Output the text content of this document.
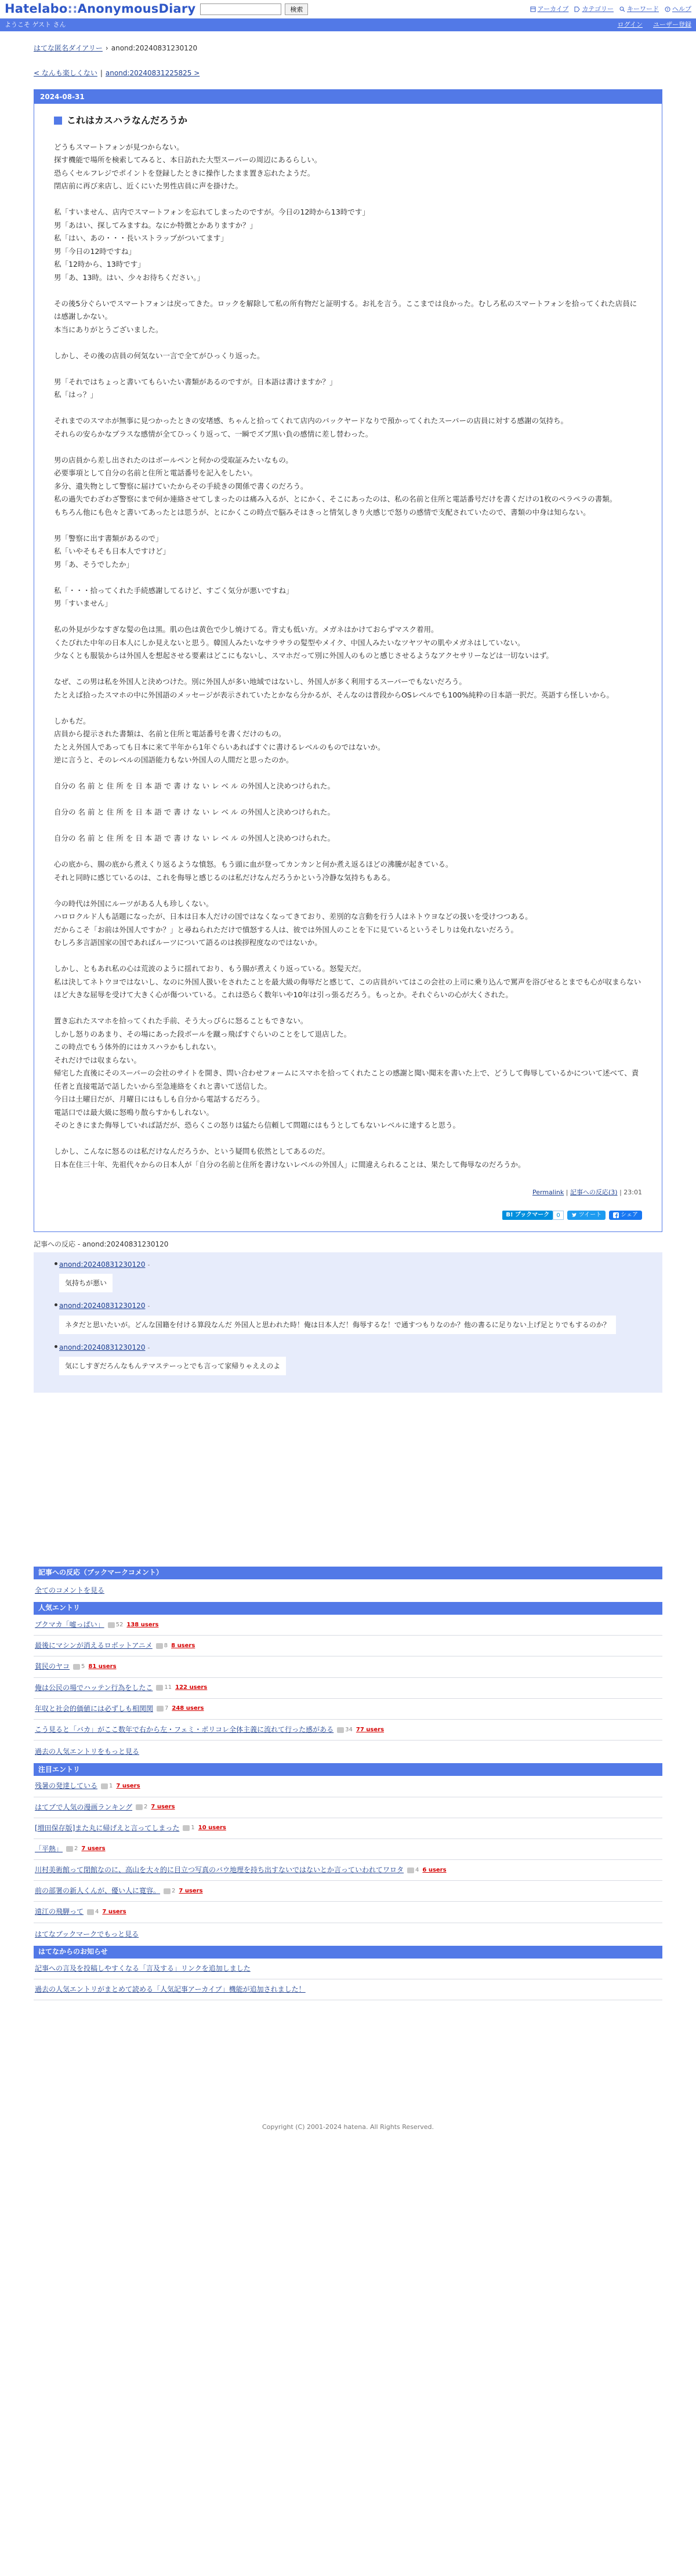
Hatelabo::AnonymousDiary	検索	アーカイブ カテゴリー キーワード ? ヘルプ
ようこそ ゲスト さん	ログイン ユーザー登録
はてな匿名ダイアリー › anond:20240831230120
< なんも楽しくない | anond:20240831225825 >
2024-08-31
これはカスハラなんだろうか

どうもスマートフォンが見つからない。

探す機能で場所を検索してみると、本日訪れた大型スーパーの周辺にあるらしい。

恐らくセルフレジでポイントを登録したときに操作したまま置き忘れたようだ。

閉店前に再び来店し、近くにいた男性店員に声を掛けた。

私「すいません、店内でスマートフォンを忘れてしまったのですが。今日の12時から13時です」

男「あはい、探してみますね。なにか特徴とかありますか？」

私「はい、あの・・・長いストラップがついてます」

男「今日の12時ですね」

私「12時から、13時です」

男「あ、13時。はい、少々お待ちください。」

その後5分ぐらいでスマートフォンは戻ってきた。ロックを解除して私の所有物だと証明する。お礼を言う。ここまでは良かった。むしろ私のスマートフォンを拾ってくれた店員には感謝しかない。

本当にありがとうございました。

しかし、その後の店員の何気ない一言で全てがひっくり返った。

男「それではちょっと書いてもらいたい書類があるのですが。日本語は書けますか？」

私「はっ？」

それまでのスマホが無事に見つかったときの安堵感、ちゃんと拾ってくれて店内のバックヤードなりで預かってくれたスーパーの店員に対する感謝の気持ち。

それらの安らかなプラスな感情が全てひっくり返って、一瞬でズブ黒い負の感情に差し替わった。

男の店員から差し出されたのはボールペンと何かの受取証みたいなもの。

必要事項として自分の名前と住所と電話番号を記入をしたい。

多分、遺失物として警察に届けていたからその手続きの関係で書くのだろう。

私の過失でわざわざ警察にまで何か連絡させてしまったのは痛み入るが、とにかく、そこにあったのは、私の名前と住所と電話番号だけを書くだけの1枚のペラペラの書類。

もちろん他にも色々と書いてあったとは思うが、とにかくこの時点で脳みそはきっと情気しきり火感じで怒りの感情で支配されていたので、書類の中身は知らない。

男「警察に出す書類があるので」

私「いやそもそも日本人ですけど」

男「あ、そうでしたか」

私「・・・拾ってくれた手続感謝してるけど、すごく気分が悪いですね」

男「すいません」

私の外見が少なすぎな髪の色は黒。肌の色は黄色で少し焼けてる。背丈も低い方。メガネはかけておらずマスク着用。

くたびれた中年の日本人にしか見えないと思う。韓国人みたいなサラサラの髪型やメイク、中国人みたいなツヤツヤの肌やメガネはしていない。

少なくとも服装からは外国人を想起させる要素はどこにもないし、スマホだって別に外国人のものと感じさせるようなアクセサリーなどは一切ないはず。

なぜ、この男は私を外国人と決めつけた。別に外国人が多い地域ではないし、外国人が多く利用するスーパーでもないだろう。

たとえば拾ったスマホの中に外国語のメッセージが表示されていたとかなら分かるが、そんなのは普段からOSレベルでも100%純粋の日本語一択だ。英語すら怪しいから。

しかもだ。

店員から提示された書類は、名前と住所と電話番号を書くだけのもの。

たとえ外国人であっても日本に来て半年から1年ぐらいあればすぐに書けるレベルのものではないか。

逆に言うと、そのレベルの国語能力もない外国人の人間だと思ったのか。

自分の 名 前 と 住 所 を 日 本 語 で 書 け な い レ ベ ル の外国人と決めつけられた。

自分の 名 前 と 住 所 を 日 本 語 で 書 け な い レ ベ ル の外国人と決めつけられた。

自分の 名 前 と 住 所 を 日 本 語 で 書 け な い レ ベ ル の外国人と決めつけられた。

心の底から、腸の底から煮えくり返るような憤怒。もう頭に血が登ってカンカンと何か煮え返るほどの沸騰が起きている。

それと同時に感じているのは、これを侮辱と感じるのは私だけなんだろうかという冷静な気持ちもある。

今の時代は外国にルーツがある人も珍しくない。

ハロロクルド人も話題になったが、日本は日本人だけの国ではなくなってきており、差別的な言動を行う人はネトウヨなどの扱いを受けつつある。

だからこそ「お前は外国人ですか？」と尋ねられただけで憤怒する人は、彼では外国人のことを下に見ているというそしりは免れないだろう。

むしろ多言語国家の国であればルーツについて語るのは挨拶程度なのではないか。

しかし、ともあれ私の心は荒波のように揺れており、もう腸が煮えくり返っている。怒髪天だ。

私は決してネトウヨではないし、なのに外国人扱いをされたことを最大級の侮辱だと感じて、この店員がいてはこの会社の上司に乗り込んで罵声を浴びせるとまでも心が収まらないほど大きな屈辱を受けて大きく心が傷ついている。これは恐らく数年いや10年は引っ張るだろう。もっとか。それぐらいの心が大くされた。

置き忘れたスマホを拾ってくれた手前、そう大っぴらに怒ることもできない。

しかし怒りのあまり、その場にあった段ボールを蹴っ飛ばすぐらいのことをして退店した。

この時点でもう体外的にはカスハラかもしれない。

それだけでは収まらない。

帰宅した直後にそのスーパーの会社のサイトを開き、問い合わせフォームにスマホを拾ってくれたことの感謝と聞い聞末を書いた上で、どうして侮辱しているかについて述べて、責任者と直接電話で話したいから至急連絡をくれと書いて送信した。

今日は土曜日だが、月曜日にはもしも自分から電話するだろう。

電話口では最大級に怒鳴り散らすかもしれない。

そのときにまた侮辱していれば話だが、恐らくこの怒りは猛たら信頼して問題にはもうとしてもないレベルに達すると思う。

しかし、こんなに怒るのは私だけなんだろうか、という疑問も依然としてあるのだ。

日本在住三十年、先祖代々からの日本人が「自分の名前と住所を書けないレベルの外国人」に間違えられることは、果たして侮辱なのだろうか。

Permalink | 記事への反応(3) | 23:01
B! ブックマーク	0	ツイート	シェア
記事への反応 - anond:20240831230120
anond:20240831230120 -
気持ちが悪い
anond:20240831230120 -
ネタだと思いたいが。どんな国籍を付ける算段なんだ 外国人と思われた時！俺は日本人だ！侮辱するな！で通すつもりなのか？他の書るに足りない上げ足とりでもするのか？
anond:20240831230120 -
気にしすぎだろんなもんテマステーっとでも言って家帰りゃええのよ
記事への反応（ブックマークコメント）
全てのコメントを見る
人気エントリ
ブクマカ「嘘っぱい」 52 138 users
最後にマシンが消えるロボットアニメ 8 8 users
貧民のヤコ 5 81 users
俺は公民の場でハッテン行為をしたこ 11 122 users
年収と社会的価値には必ずしも相関関 7 248 users
こう見ると「バカ」がここ数年で右から左・フェミ・ポリコレ全体主義に流れて行った感がある 34 77 users
過去の人気エントリをもっと見る
注目エントリ
残暑の発達している 1 7 users
はてブで人気の漫画ランキング 2 7 users
[増田保存版]また丸に帰げえと言ってしまった 1 10 users
「平熱」 2 7 users
川村美術館って閉館なのに、高山を大々的に目立つ写真のバウ地理を持ち出すないではないとか言っていわれてワロタ 4 6 users
前の部署の新人くんが、優い人に寛容。 2 7 users
遠江の飛騨って 4 7 users
はてなブックマークでもっと見る
はてなからのお知らせ
記事への言及を投稿しやすくなる「言及する」リンクを追加しました
過去の人気エントリがまとめて読める「人気記事アーカイブ」機能が追加されました！
Copyright (C) 2001-2024 hatena. All Rights Reserved.
